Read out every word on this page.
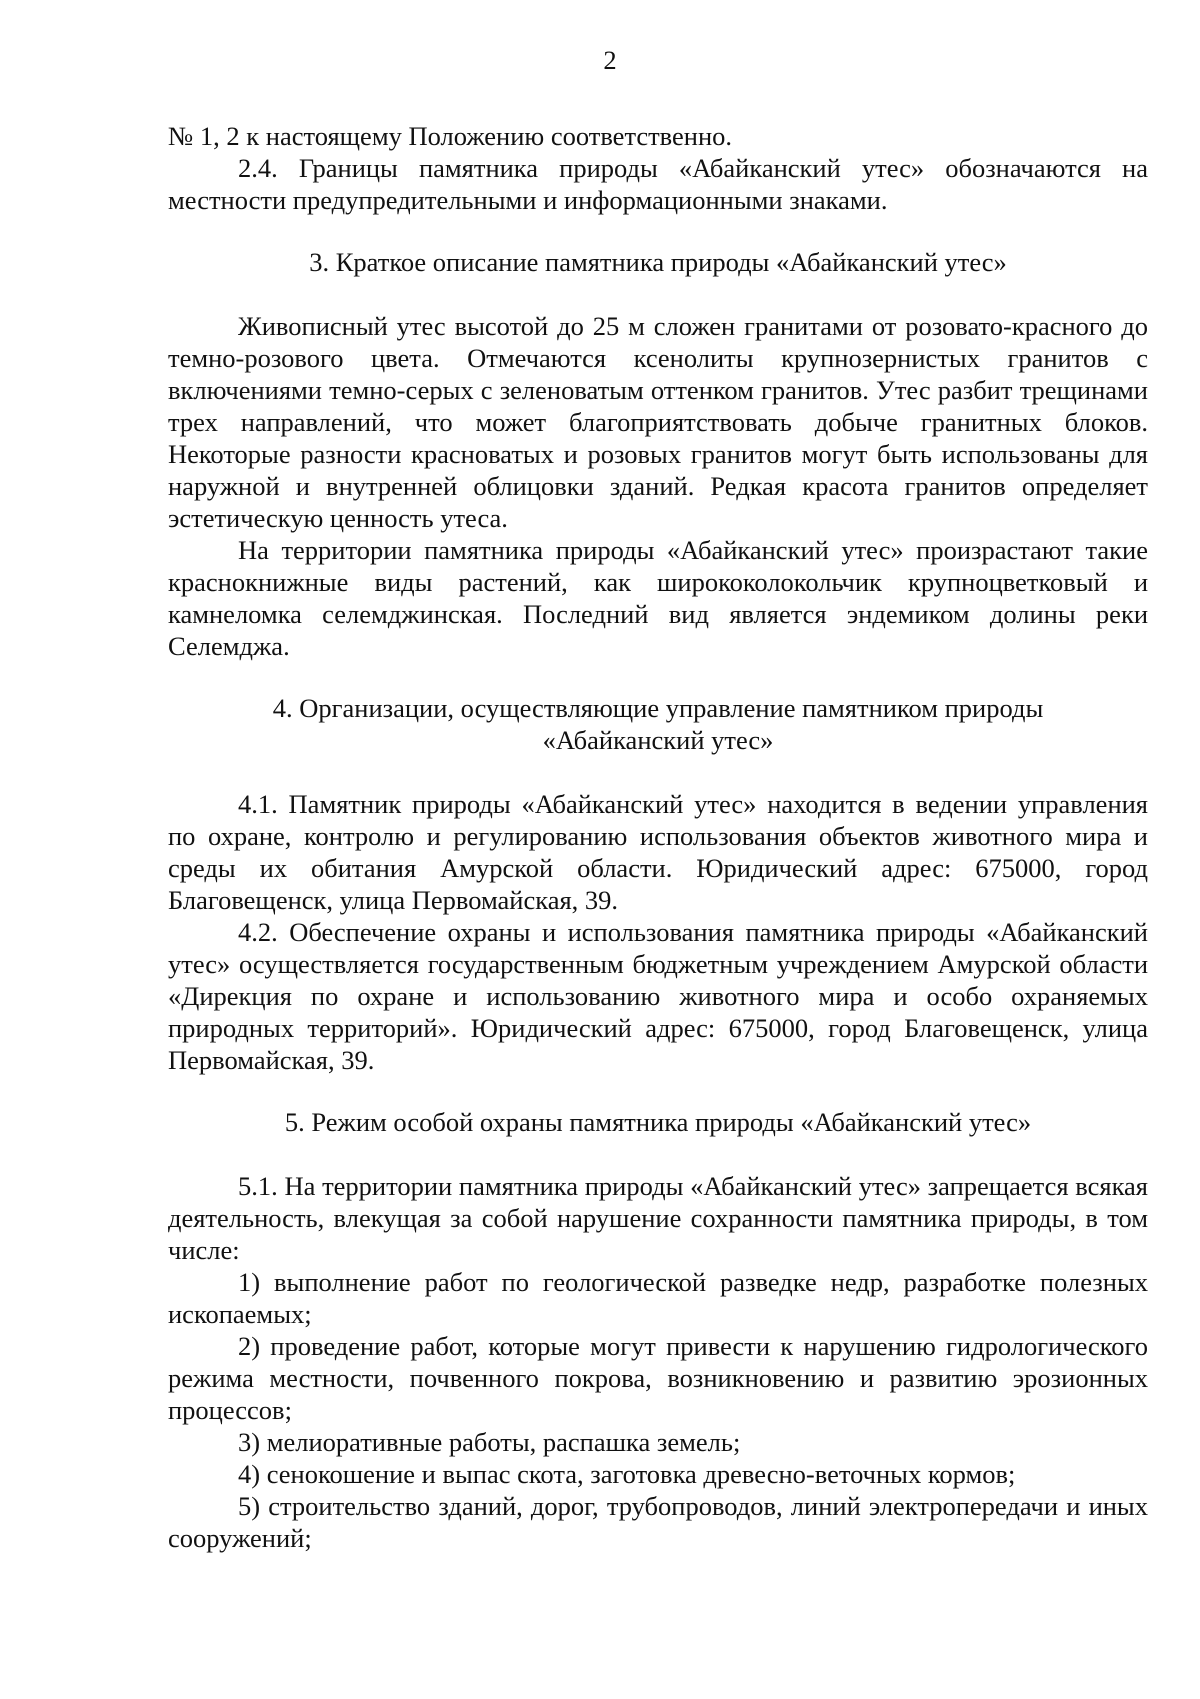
2

№ 1, 2 к настоящему Положению соответственно.

2.4. Границы памятника природы «Абайканский утес» обозначаются на местности предупредительными и информационными знаками.

3. Краткое описание памятника природы «Абайканский утес»

Живописный утес высотой до 25 м сложен гранитами от розовато-красного до темно-розового цвета. Отмечаются ксенолиты крупнозернистых гранитов с включениями темно-серых с зеленоватым оттенком гранитов. Утес разбит трещинами трех направлений, что может благоприятствовать добыче гранитных блоков. Некоторые разности красноватых и розовых гранитов могут быть использованы для наружной и внутренней облицовки зданий. Редкая красота гранитов определяет эстетическую ценность утеса.

На территории памятника природы «Абайканский утес» произрастают такие краснокнижные виды растений, как ширококолокольчик крупноцветковый и камнеломка селемджинская. Последний вид является эндемиком долины реки Селемджа.

4. Организации, осуществляющие управление памятником природы
«Абайканский утес»

4.1. Памятник природы «Абайканский утес» находится в ведении управления по охране, контролю и регулированию использования объектов животного мира и среды их обитания Амурской области. Юридический адрес: 675000, город Благовещенск, улица Первомайская, 39.

4.2. Обеспечение охраны и использования памятника природы «Абайканский утес» осуществляется государственным бюджетным учреждением Амурской области «Дирекция по охране и использованию животного мира и особо охраняемых природных территорий». Юридический адрес: 675000, город Благовещенск, улица Первомайская, 39.

5. Режим особой охраны памятника природы «Абайканский утес»

5.1. На территории памятника природы «Абайканский утес» запрещается всякая деятельность, влекущая за собой нарушение сохранности памятника природы, в том числе:

1) выполнение работ по геологической разведке недр, разработке полезных ископаемых;

2) проведение работ, которые могут привести к нарушению гидрологического режима местности, почвенного покрова, возникновению и развитию эрозионных процессов;

3) мелиоративные работы, распашка земель;

4) сенокошение и выпас скота, заготовка древесно-веточных кормов;

5) строительство зданий, дорог, трубопроводов, линий электропередачи и иных сооружений;
